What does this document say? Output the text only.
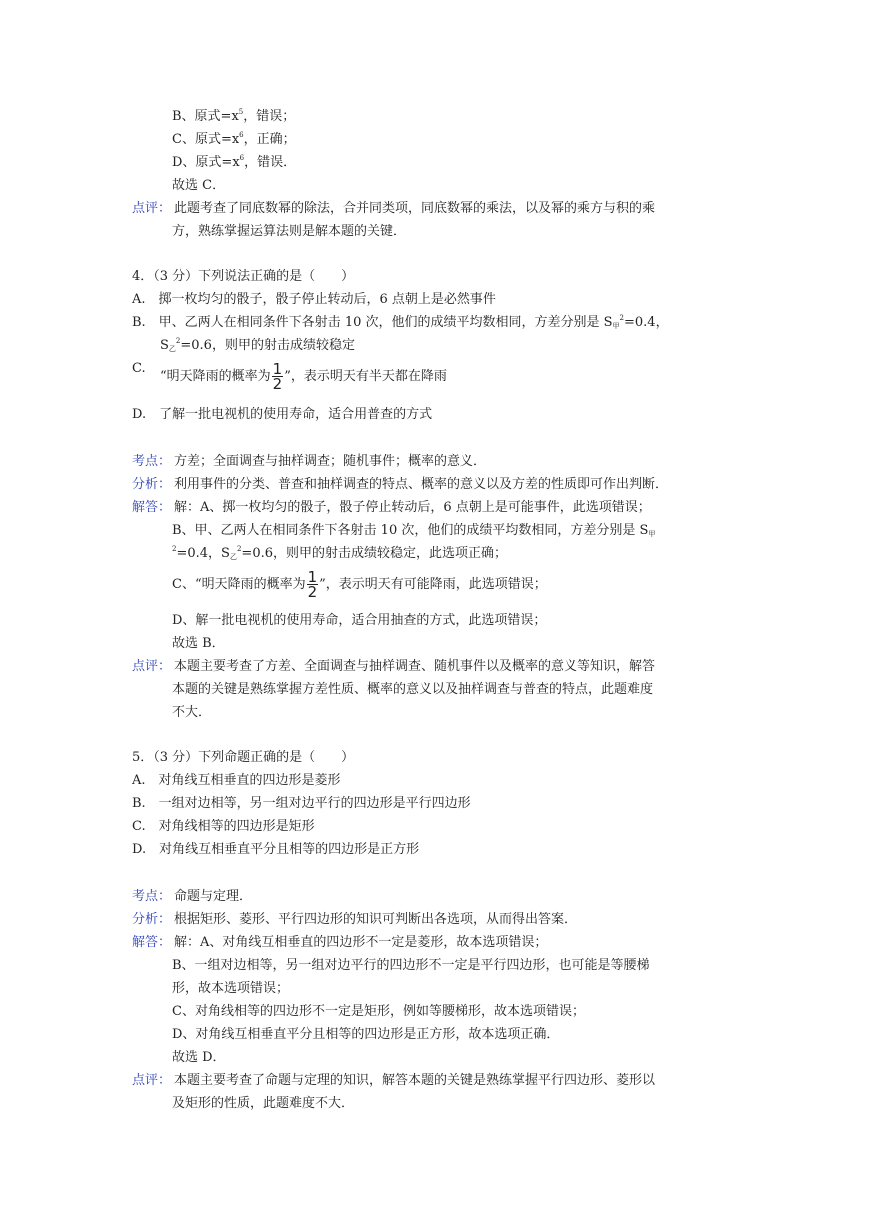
B、原式$=x^5$，错误；
C、原式$=x^6$，正确；
D、原式$=x^6$，错误．
故选 C．
点评： 此题考查了同底数幂的除法，合并同类项，同底数幂的乘法，以及幂的乘方与积的乘
方，熟练掌握运算法则是解本题的关键．
4．（3 分）下列说法正确的是（　　）
A.　掷一枚均匀的骰子，骰子停止转动后，6 点朝上是必然事件
B.　甲、乙两人在相同条件下各射击 10 次，他们的成绩平均数相同，方差分别是 $S_甲^2=0.4$，
$S_乙^2=0.6$，则甲的射击成绩较稳定
C.
“明天降雨的概率为 $\frac{1}{2}$ ”，表示明天有半天都在降雨
D.　了解一批电视机的使用寿命，适合用普查的方式
考点： 方差；全面调查与抽样调查；随机事件；概率的意义．
分析： 利用事件的分类、普查和抽样调查的特点、概率的意义以及方差的性质即可作出判断．
解答： 解：A、掷一枚均匀的骰子，骰子停止转动后，6 点朝上是可能事件，此选项错误；
B、甲、乙两人在相同条件下各射击 10 次，他们的成绩平均数相同，方差分别是 $S_甲$
$^2$=0.4，$S_乙^2=0.6$，则甲的射击成绩较稳定，此选项正确；
C、“明天降雨的概率为 $\frac{1}{2}$ ”，表示明天有可能降雨，此选项错误；
D、解一批电视机的使用寿命，适合用抽查的方式，此选项错误；
故选 B．
点评： 本题主要考查了方差、全面调查与抽样调查、随机事件以及概率的意义等知识，解答
本题的关键是熟练掌握方差性质、概率的意义以及抽样调查与普查的特点，此题难度
不大．
5．（3 分）下列命题正确的是（　　）
A.　对角线互相垂直的四边形是菱形
B.　一组对边相等，另一组对边平行的四边形是平行四边形
C.　对角线相等的四边形是矩形
D.　对角线互相垂直平分且相等的四边形是正方形
考点： 命题与定理．
分析： 根据矩形、菱形、平行四边形的知识可判断出各选项，从而得出答案．
解答： 解：A、对角线互相垂直的四边形不一定是菱形，故本选项错误；
B、一组对边相等，另一组对边平行的四边形不一定是平行四边形，也可能是等腰梯
形，故本选项错误；
C、对角线相等的四边形不一定是矩形，例如等腰梯形，故本选项错误；
D、对角线互相垂直平分且相等的四边形是正方形，故本选项正确．
故选 D．
点评： 本题主要考查了命题与定理的知识，解答本题的关键是熟练掌握平行四边形、菱形以
及矩形的性质，此题难度不大．
